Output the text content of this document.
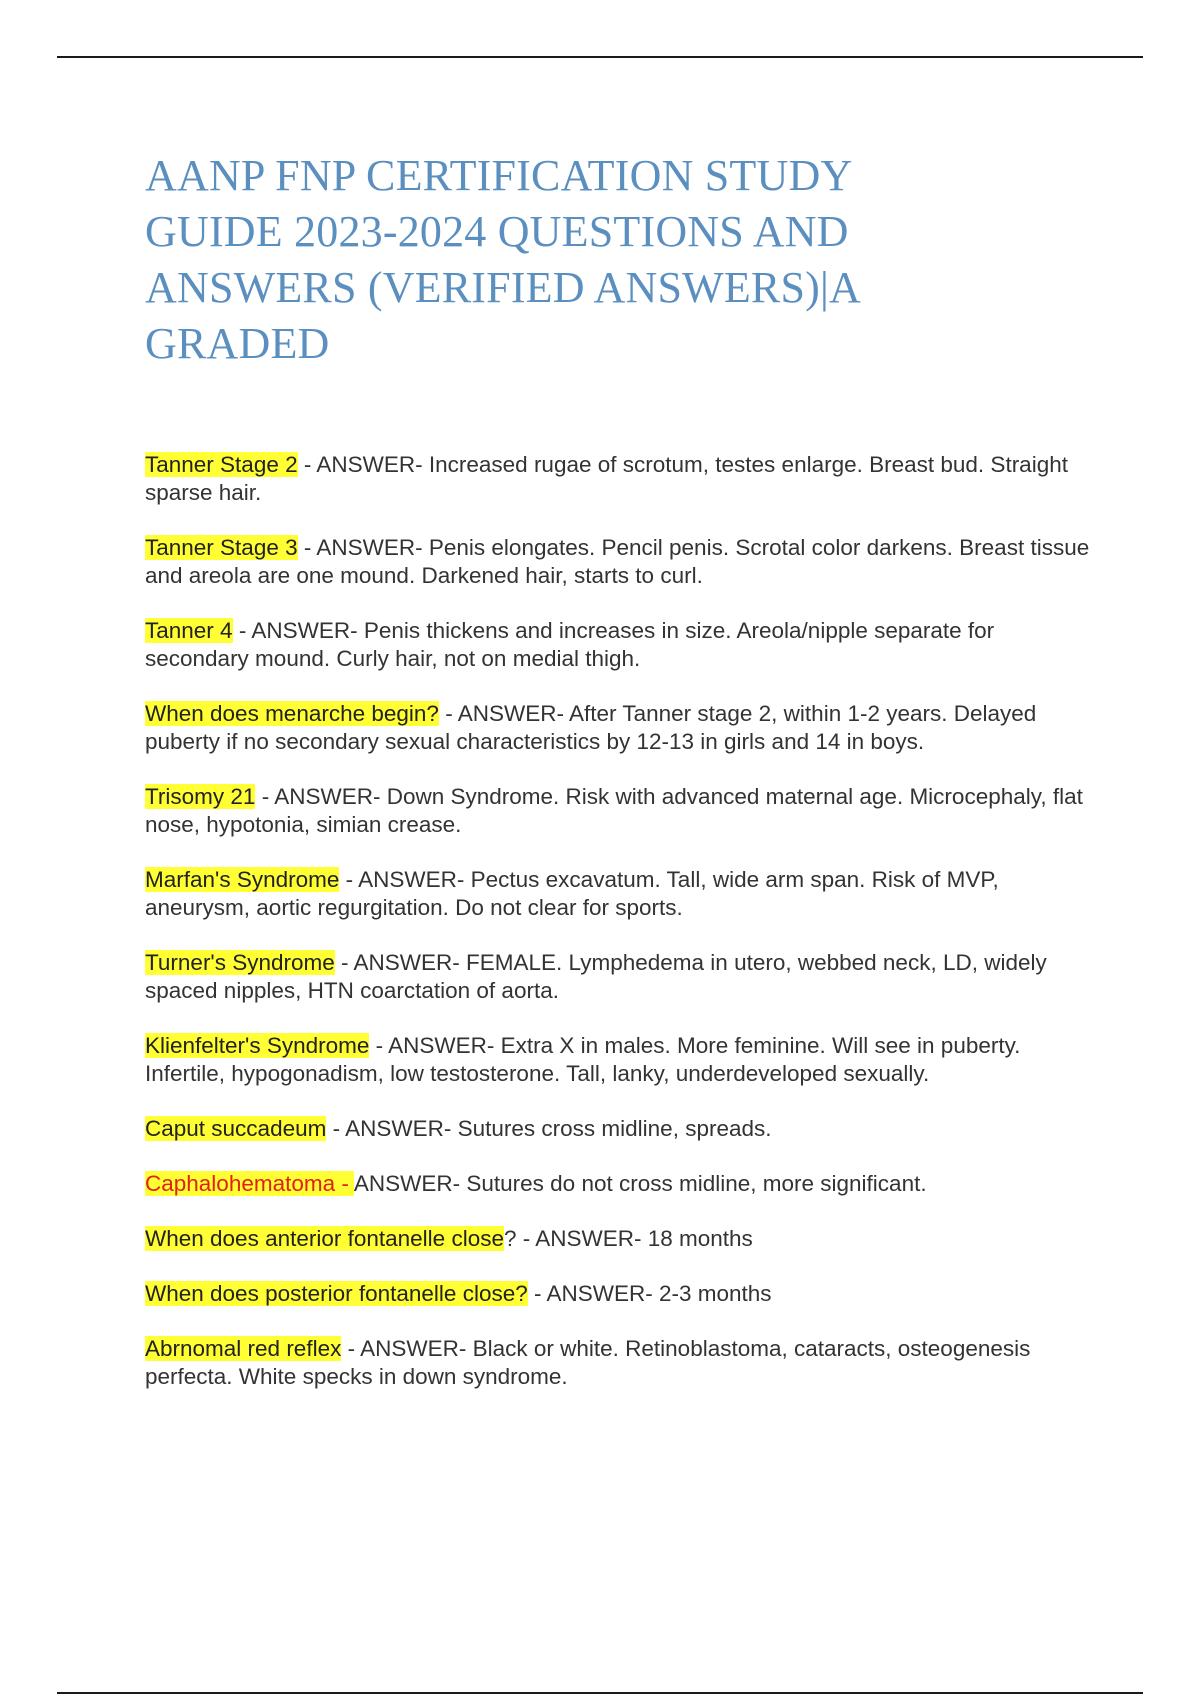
AANP FNP CERTIFICATION STUDY GUIDE 2023-2024 QUESTIONS AND ANSWERS (VERIFIED ANSWERS)|A GRADED
Tanner Stage 2 - ANSWER- Increased rugae of scrotum, testes enlarge. Breast bud. Straight sparse hair.
Tanner Stage 3 - ANSWER- Penis elongates. Pencil penis. Scrotal color darkens. Breast tissue and areola are one mound. Darkened hair, starts to curl.
Tanner 4 - ANSWER- Penis thickens and increases in size. Areola/nipple separate for secondary mound. Curly hair, not on medial thigh.
When does menarche begin? - ANSWER- After Tanner stage 2, within 1-2 years. Delayed puberty if no secondary sexual characteristics by 12-13 in girls and 14 in boys.
Trisomy 21 - ANSWER- Down Syndrome. Risk with advanced maternal age. Microcephaly, flat nose, hypotonia, simian crease.
Marfan's Syndrome - ANSWER- Pectus excavatum. Tall, wide arm span. Risk of MVP, aneurysm, aortic regurgitation. Do not clear for sports.
Turner's Syndrome - ANSWER- FEMALE. Lymphedema in utero, webbed neck, LD, widely spaced nipples, HTN coarctation of aorta.
Klienfelter's Syndrome - ANSWER- Extra X in males. More feminine. Will see in puberty. Infertile, hypogonadism, low testosterone. Tall, lanky, underdeveloped sexually.
Caput succadeum - ANSWER- Sutures cross midline, spreads.
Caphalohematoma - ANSWER- Sutures do not cross midline, more significant.
When does anterior fontanelle close? - ANSWER- 18 months
When does posterior fontanelle close? - ANSWER- 2-3 months
Abrnomal red reflex - ANSWER- Black or white. Retinoblastoma, cataracts, osteogenesis perfecta. White specks in down syndrome.
